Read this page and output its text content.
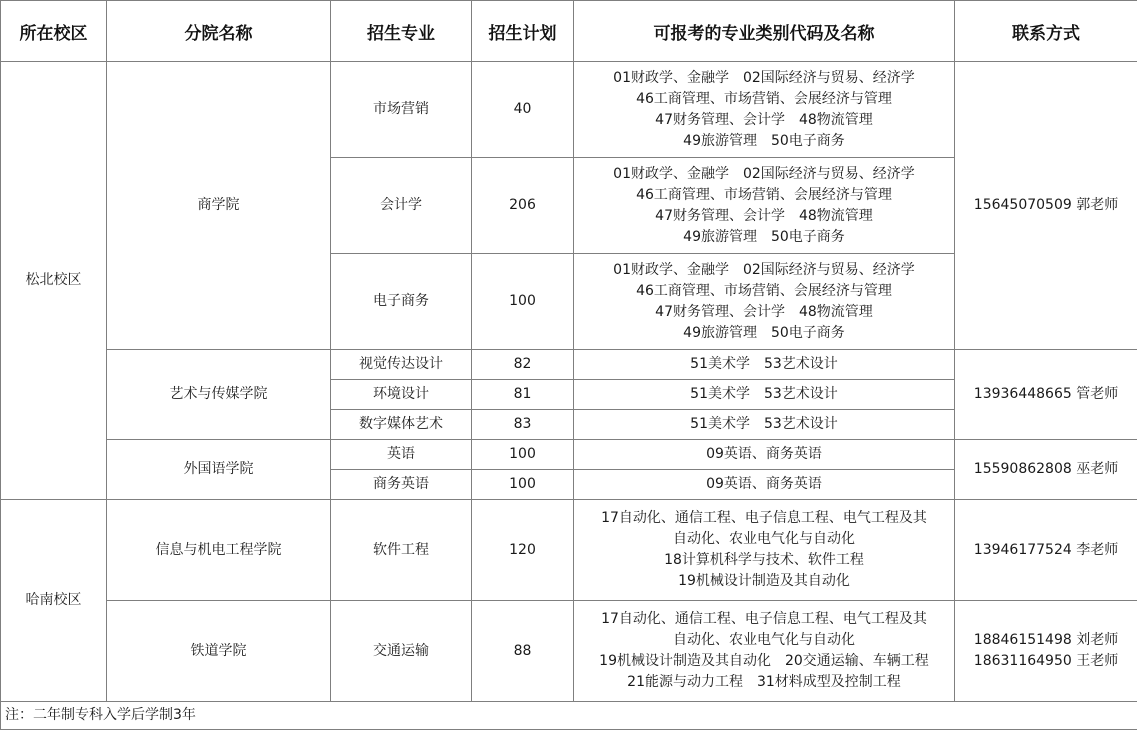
所在校区	分院名称	招生专业	招生计划	可报考的专业类别代码及名称	联系方式
松北校区	商学院	市场营销	40	01财政学、金融学　02国际经济与贸易、经济学
46工商管理、市场营销、会展经济与管理
47财务管理、会计学　48物流管理
49旅游管理　50电子商务	15645070509 郭老师
		会计学	206	01财政学、金融学　02国际经济与贸易、经济学
46工商管理、市场营销、会展经济与管理
47财务管理、会计学　48物流管理
49旅游管理　50电子商务	
		电子商务	100	01财政学、金融学　02国际经济与贸易、经济学
46工商管理、市场营销、会展经济与管理
47财务管理、会计学　48物流管理
49旅游管理　50电子商务	
	艺术与传媒学院	视觉传达设计	82	51美术学　53艺术设计	13936448665 管老师
		环境设计	81	51美术学　53艺术设计	
		数字媒体艺术	83	51美术学　53艺术设计	
	外国语学院	英语	100	09英语、商务英语	15590862808 巫老师
		商务英语	100	09英语、商务英语	
哈南校区	信息与机电工程学院	软件工程	120	17自动化、通信工程、电子信息工程、电气工程及其
自动化、农业电气化与自动化
18计算机科学与技术、软件工程
19机械设计制造及其自动化	13946177524 李老师
	铁道学院	交通运输	88	17自动化、通信工程、电子信息工程、电气工程及其
自动化、农业电气化与自动化
19机械设计制造及其自动化　20交通运输、车辆工程
21能源与动力工程　31材料成型及控制工程	18846151498 刘老师
18631164950 王老师
注：二年制专科入学后学制3年					
